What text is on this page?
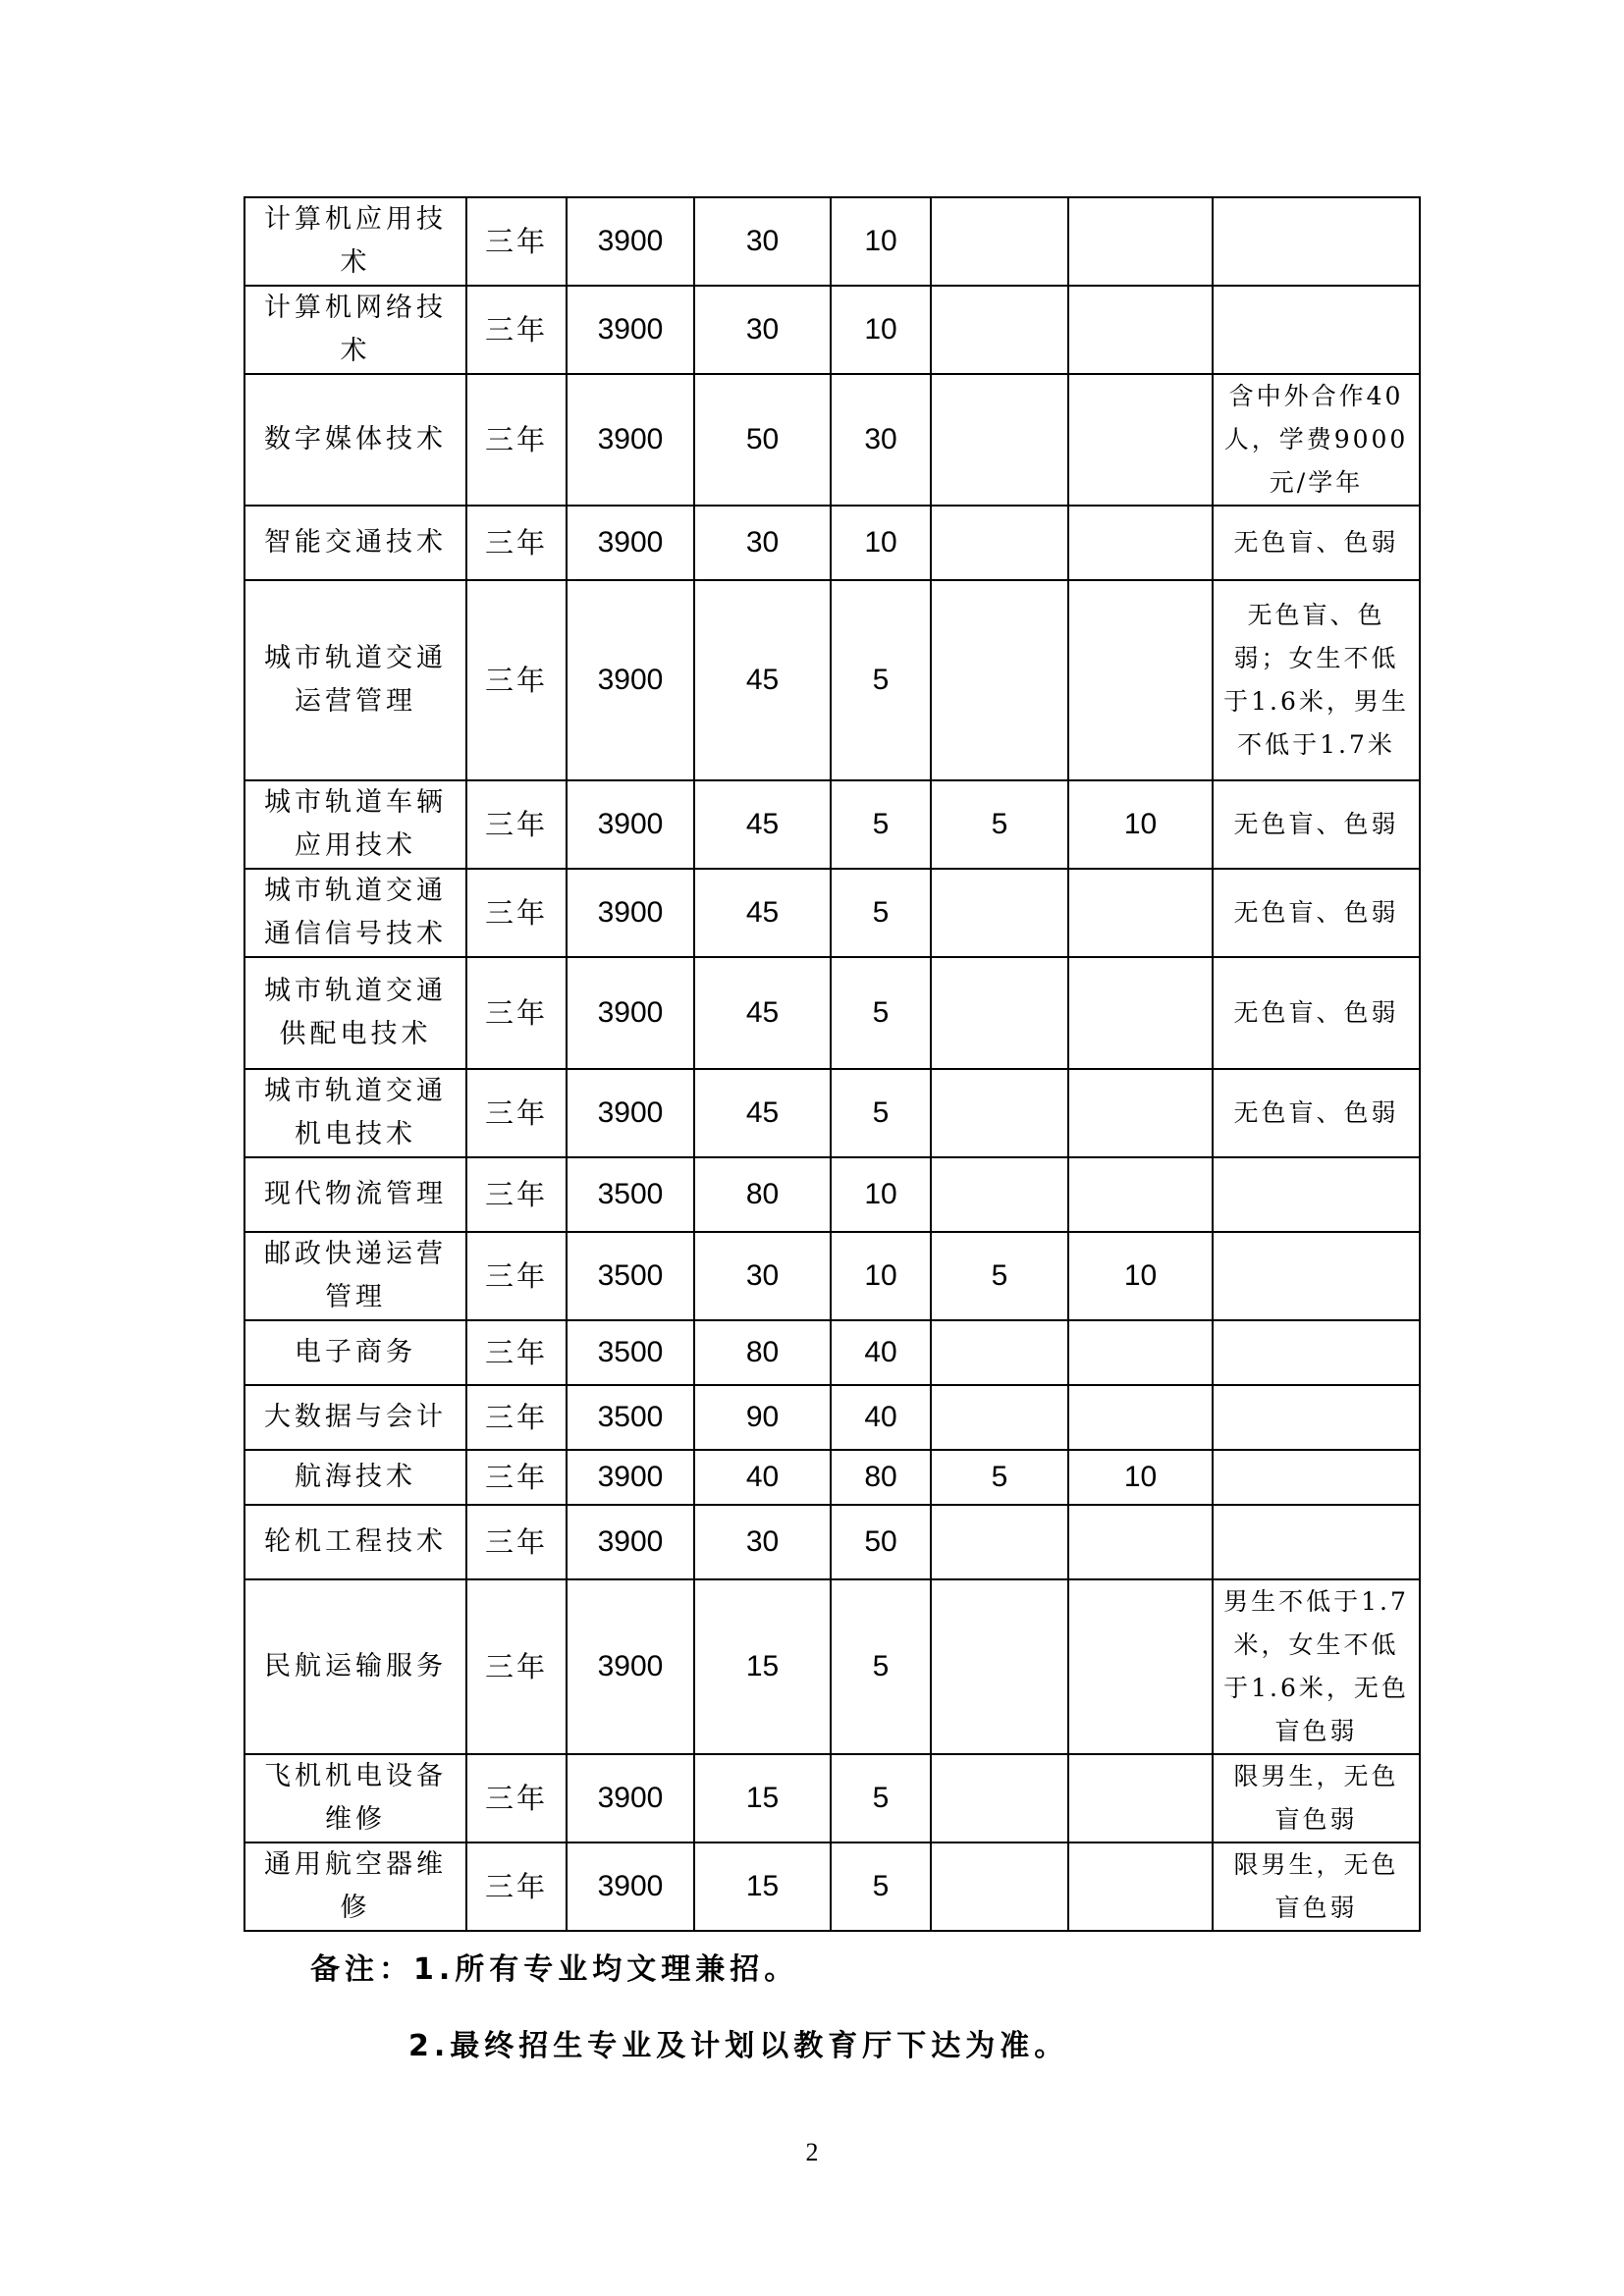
计算机应用技术	三年	3900	30	10			
计算机网络技术	三年	3900	30	10			
数字媒体技术	三年	3900	50	30			含中外合作40人，学费9000元/学年
智能交通技术	三年	3900	30	10			无色盲、色弱
城市轨道交通运营管理	三年	3900	45	5			无色盲、色弱；女生不低于1.6米，男生不低于1.7米
城市轨道车辆应用技术	三年	3900	45	5	5	10	无色盲、色弱
城市轨道交通通信信号技术	三年	3900	45	5			无色盲、色弱
城市轨道交通供配电技术	三年	3900	45	5			无色盲、色弱
城市轨道交通机电技术	三年	3900	45	5			无色盲、色弱
现代物流管理	三年	3500	80	10			
邮政快递运营管理	三年	3500	30	10	5	10	
电子商务	三年	3500	80	40			
大数据与会计	三年	3500	90	40			
航海技术	三年	3900	40	80	5	10	
轮机工程技术	三年	3900	30	50			
民航运输服务	三年	3900	15	5			男生不低于1.7米，女生不低于1.6米，无色盲色弱
飞机机电设备维修	三年	3900	15	5			限男生，无色盲色弱
通用航空器维修	三年	3900	15	5			限男生，无色盲色弱
备注：1.所有专业均文理兼招。
2.最终招生专业及计划以教育厅下达为准。
2
